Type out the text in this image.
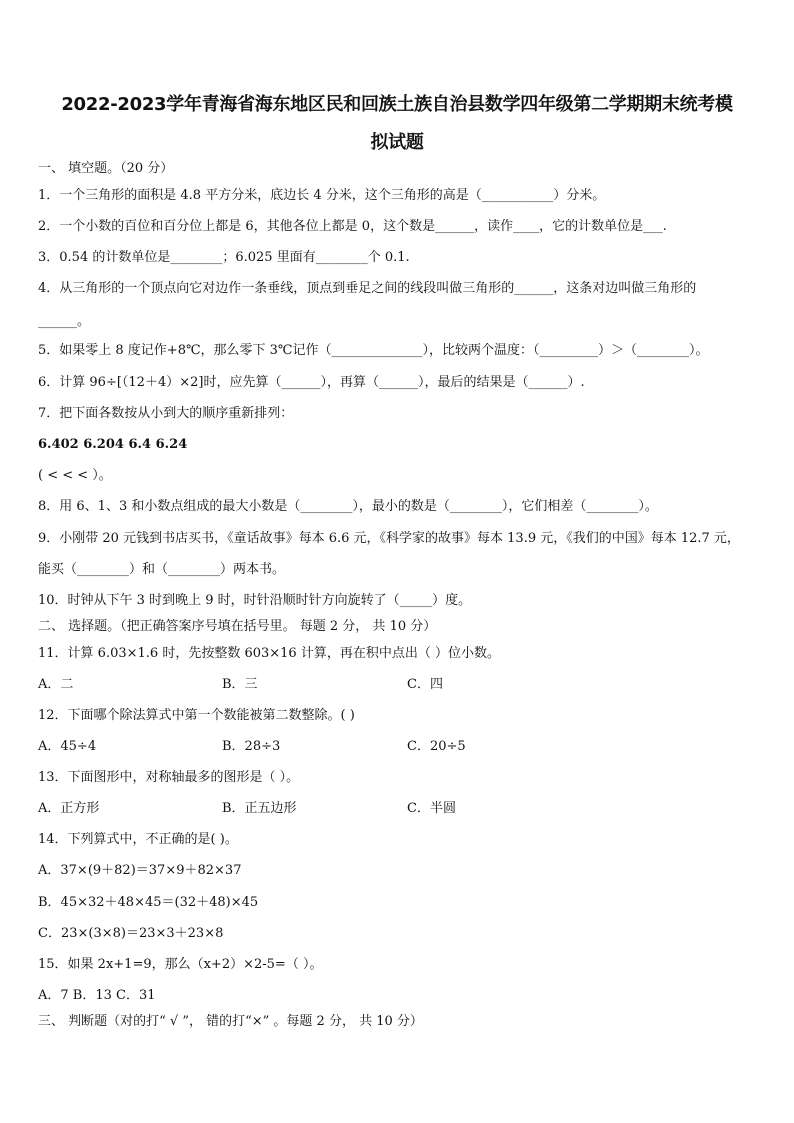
2022-2023学年青海省海东地区民和回族土族自治县数学四年级第二学期期末统考模
拟试题
一、 填空题。（20 分）
1．一个三角形的面积是 4.8 平方分米，底边长 4 分米，这个三角形的高是（___________）分米。
2．一个小数的百位和百分位上都是 6，其他各位上都是 0，这个数是______，读作____，它的计数单位是___.
3．0.54 的计数单位是________；6.025 里面有________个 0.1.
4．从三角形的一个顶点向它对边作一条垂线，顶点到垂足之间的线段叫做三角形的______，这条对边叫做三角形的
______。
5．如果零上 8 度记作+8℃，那么零下 3℃记作（______________），比较两个温度：（_________）＞（________）。
6．计算 96÷[（12＋4）×2]时，应先算（______），再算（______），最后的结果是（______）.
7．把下面各数按从小到大的顺序重新排列：
6.402 6.204 6.4 6.24
( < < < ）。
8．用 6、1、3 和小数点组成的最大小数是（________），最小的数是（________），它们相差（________）。
9．小刚带 20 元钱到书店买书，《童话故事》每本 6.6 元，《科学家的故事》每本 13.9 元，《我们的中国》每本 12.7 元，
能买（________）和（________）两本书。
10．时钟从下午 3 时到晚上 9 时，时针沿顺时针方向旋转了（_____）度。
二、 选择题。（把正确答案序号填在括号里。 每题 2 分， 共 10 分）
11．计算 6.03×1.6 时，先按整数 603×16 计算，再在积中点出（ ）位小数。
A．二	B．三	C．四
12．下面哪个除法算式中第一个数能被第二数整除。( )
A．45÷4	B．28÷3	C．20÷5
13．下面图形中，对称轴最多的图形是（ ）。
A．正方形	B．正五边形	C．半圆
14．下列算式中，不正确的是( )。
A．37×(9＋82)＝37×9＋82×37
B．45×32＋48×45＝(32＋48)×45
C．23×(3×8)＝23×3＋23×8
15．如果 2x+1=9，那么（x+2）×2-5=（ ）。
A．7 B．13 C．31
三、 判断题（对的打“ √ ”， 错的打“×” 。每题 2 分， 共 10 分）
